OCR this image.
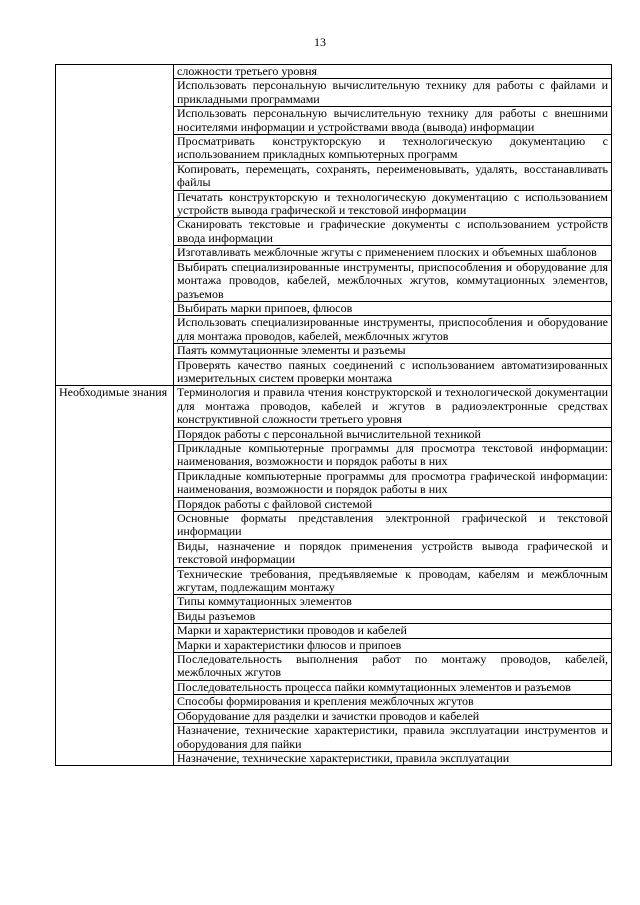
13
	сложности третьего уровня
	Использовать персональную вычислительную технику для работы с файлами и прикладными программами
	Использовать персональную вычислительную технику для работы с внешними носителями информации и устройствами ввода (вывода) информации
	Просматривать конструкторскую и технологическую документацию с использованием прикладных компьютерных программ
	Копировать, перемещать, сохранять, переименовывать, удалять, восстанавливать файлы
	Печатать конструкторскую и технологическую документацию с использованием устройств вывода графической и текстовой информации
	Сканировать текстовые и графические документы с использованием устройств ввода информации
	Изготавливать межблочные жгуты с применением плоских и объемных шаблонов
	Выбирать специализированные инструменты, приспособления и оборудование для монтажа проводов, кабелей, межблочных жгутов, коммутационных элементов, разъемов
	Выбирать марки припоев, флюсов
	Использовать специализированные инструменты, приспособления и оборудование для монтажа проводов, кабелей, межблочных жгутов
	Паять коммутационные элементы и разъемы
	Проверять качество паяных соединений с использованием автоматизированных измерительных систем проверки монтажа
Необходимые знания	Терминология и правила чтения конструкторской и технологической документации для монтажа проводов, кабелей и жгутов в радиоэлектронные средствах конструктивной сложности третьего уровня
	Порядок работы с персональной вычислительной техникой
	Прикладные компьютерные программы для просмотра текстовой информации: наименования, возможности и порядок работы в них
	Прикладные компьютерные программы для просмотра графической информации: наименования, возможности и порядок работы в них
	Порядок работы с файловой системой
	Основные форматы представления электронной графической и текстовой информации
	Виды, назначение и порядок применения устройств вывода графической и текстовой информации
	Технические требования, предъявляемые к проводам, кабелям и межблочным жгутам, подлежащим монтажу
	Типы коммутационных элементов
	Виды разъемов
	Марки и характеристики проводов и кабелей
	Марки и характеристики флюсов и припоев
	Последовательность выполнения работ по монтажу проводов, кабелей, межблочных жгутов
	Последовательность процесса пайки коммутационных элементов и разъемов
	Способы формирования и крепления межблочных жгутов
	Оборудование для разделки и зачистки проводов и кабелей
	Назначение, технические характеристики, правила эксплуатации инструментов и оборудования для пайки
	Назначение, технические характеристики, правила эксплуатации
